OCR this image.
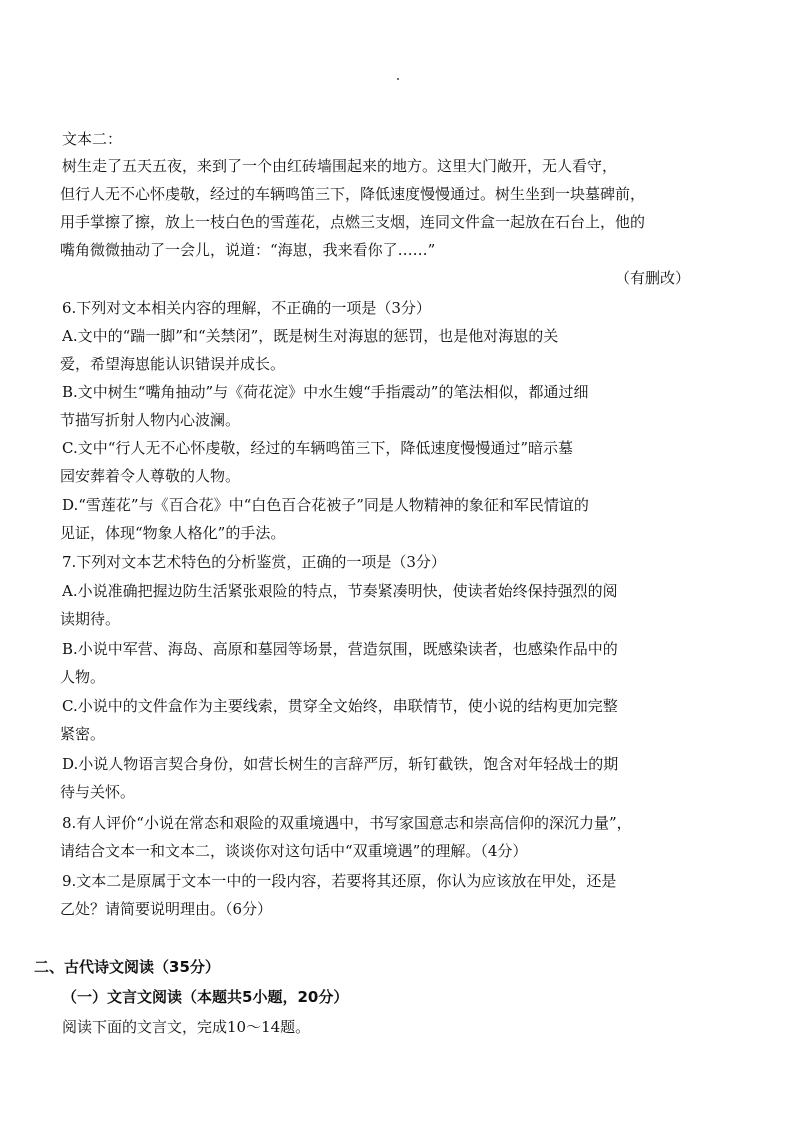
文本二：
树生走了五天五夜，来到了一个由红砖墙围起来的地方。这里大门敞开，无人看守，
但行人无不心怀虔敬，经过的车辆鸣笛三下，降低速度慢慢通过。树生坐到一块墓碑前，
用手掌擦了擦，放上一枝白色的雪莲花，点燃三支烟，连同文件盒一起放在石台上，他的
嘴角微微抽动了一会儿，说道：“海崽，我来看你了……”
（有删改）
6.下列对文本相关内容的理解，不正确的一项是（3分）
A.文中的“踹一脚”和“关禁闭”，既是树生对海崽的惩罚，也是他对海崽的关
爱，希望海崽能认识错误并成长。
B.文中树生“嘴角抽动”与《荷花淀》中水生嫂“手指震动”的笔法相似，都通过细
节描写折射人物内心波澜。
C.文中“行人无不心怀虔敬，经过的车辆鸣笛三下，降低速度慢慢通过”暗示墓
园安葬着令人尊敬的人物。
D.“雪莲花”与《百合花》中“白色百合花被子”同是人物精神的象征和军民情谊的
见证，体现“物象人格化”的手法。
7.下列对文本艺术特色的分析鉴赏，正确的一项是（3分）
A.小说准确把握边防生活紧张艰险的特点，节奏紧凑明快，使读者始终保持强烈的阅
读期待。
B.小说中军营、海岛、高原和墓园等场景，营造氛围，既感染读者，也感染作品中的
人物。
C.小说中的文件盒作为主要线索，贯穿全文始终，串联情节，使小说的结构更加完整
紧密。
D.小说人物语言契合身份，如营长树生的言辞严厉，斩钉截铁，饱含对年轻战士的期
待与关怀。
8.有人评价“小说在常态和艰险的双重境遇中，书写家国意志和崇高信仰的深沉力量”，
请结合文本一和文本二，谈谈你对这句话中“双重境遇”的理解。（4分）
9.文本二是原属于文本一中的一段内容，若要将其还原，你认为应该放在甲处，还是
乙处？请简要说明理由。（6分）
二、古代诗文阅读（35分）
（一）文言文阅读（本题共5小题，20分）
阅读下面的文言文，完成10～14题。
